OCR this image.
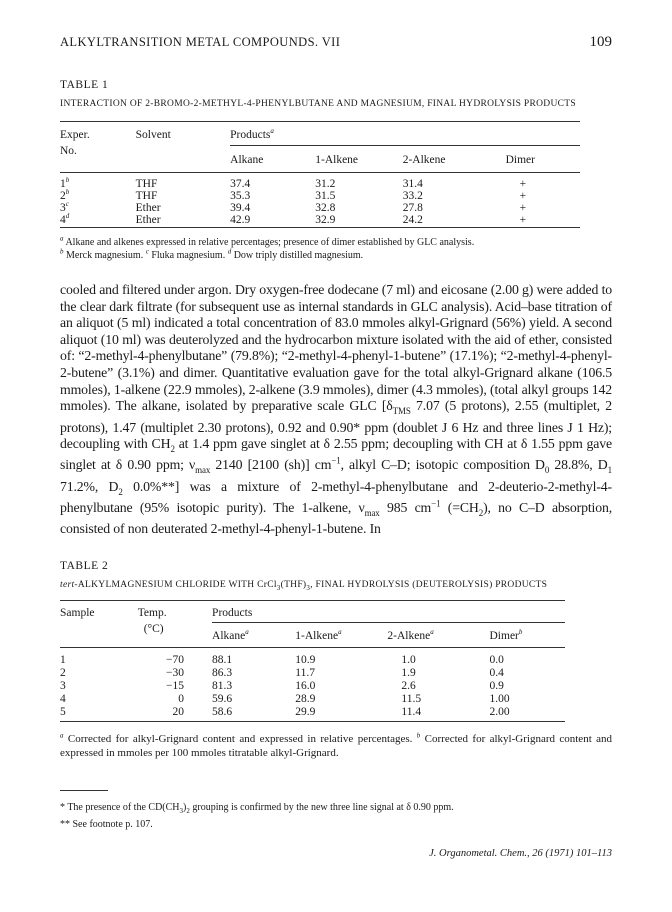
ALKYLTRANSITION METAL COMPOUNDS. VII	109
TABLE 1
INTERACTION OF 2-BROMO-2-METHYL-4-PHENYLBUTANE AND MAGNESIUM, FINAL HYDROLYSIS PRODUCTS

Exper.	Solvent	Products$^a$
No.					
		Alkane	1-Alkene	2-Alkene	Dimer

1$^b$	THF	37.4	31.2	31.4	+
$2^b$	THF	35.3	31.5	33.2	+
$3^c$	Ether	39.4	32.8	27.8	+
$4^d$	Ether	42.9	32.9	24.2	+

$^a$ Alkane and alkenes expressed in relative percentages; presence of dimer established by GLC analysis.
$^b$ Merck magnesium. $^c$ Fluka magnesium. $^d$ Dow triply distilled magnesium.
cooled and filtered under argon. Dry oxygen-free dodecane (7 ml) and eicosane (2.00 g) were added to the clear dark filtrate (for subsequent use as internal standards in GLC analysis). Acid–base titration of an aliquot (5 ml) indicated a total concentration of 83.0 mmoles alkyl-Grignard (56%) yield. A second aliquot (10 ml) was deuterolyzed and the hydrocarbon mixture isolated with the aid of ether, consisted of: “2-methyl-4-phenylbutane” (79.8%); “2-methyl-4-phenyl-1-butene” (17.1%); “2-methyl-4-phenyl-2-butene” (3.1%) and dimer. Quantitative evaluation gave for the total alkyl-Grignard alkane (106.5 mmoles), 1-alkene (22.9 mmoles), 2-alkene (3.9 mmoles), dimer (4.3 mmoles), (total alkyl groups 142 mmoles). The alkane, isolated by preparative scale GLC [$\delta_{TMS}$ 7.07 (5 protons), 2.55 (multiplet, 2 protons), 1.47 (multiplet 2.30 protons), 0.92 and 0.90* ppm (doublet J 6 Hz and three lines J 1 Hz); decoupling with $CH_2$ at 1.4 ppm gave singlet at δ 2.55 ppm; decoupling with CH at δ 1.55 ppm gave singlet at δ 0.90 ppm; $\nu_{max}$ 2140 [2100 (sh)] $cm^{-1}$, alkyl C–D; isotopic composition $D_0$ 28.8%, $D_1$ 71.2%, $D_2$ 0.0%**] was a mixture of 2-methyl-4-phenylbutane and 2-deuterio-2-methyl-4-phenylbutane (95% isotopic purity). The 1-alkene, $\nu_{max}$ 985 $cm^{-1}$ $(=CH_2)$, no C–D absorption, consisted of non deuterated 2-methyl-4-phenyl-1-butene. In
TABLE 2
tert-ALKYLMAGNESIUM CHLORIDE WITH $CrCl_3(THF)_3$, FINAL HYDROLYSIS (DEUTEROLYSIS) PRODUCTS

Sample	Temp.	Products			
	(°C)				
		Alkane$^a$	1-Alkene$^a$	2-Alkene$^a$	Dimer$^b$

1	−70	88.1	10.9	1.0	0.0
2	−30	86.3	11.7	1.9	0.4
3	−15	81.3	16.0	2.6	0.9
4	0	59.6	28.9	11.5	1.00
5	20	58.6	29.9	11.4	2.00

$^a$ Corrected for alkyl-Grignard content and expressed in relative percentages. $^b$ Corrected for alkyl-Grignard content and expressed in mmoles per 100 mmoles titratable alkyl-Grignard.
* The presence of the $CD(CH_3)_2$ grouping is confirmed by the new three line signal at δ 0.90 ppm.
** See footnote p. 107.
J. Organometal. Chem., 26 (1971) 101–113
